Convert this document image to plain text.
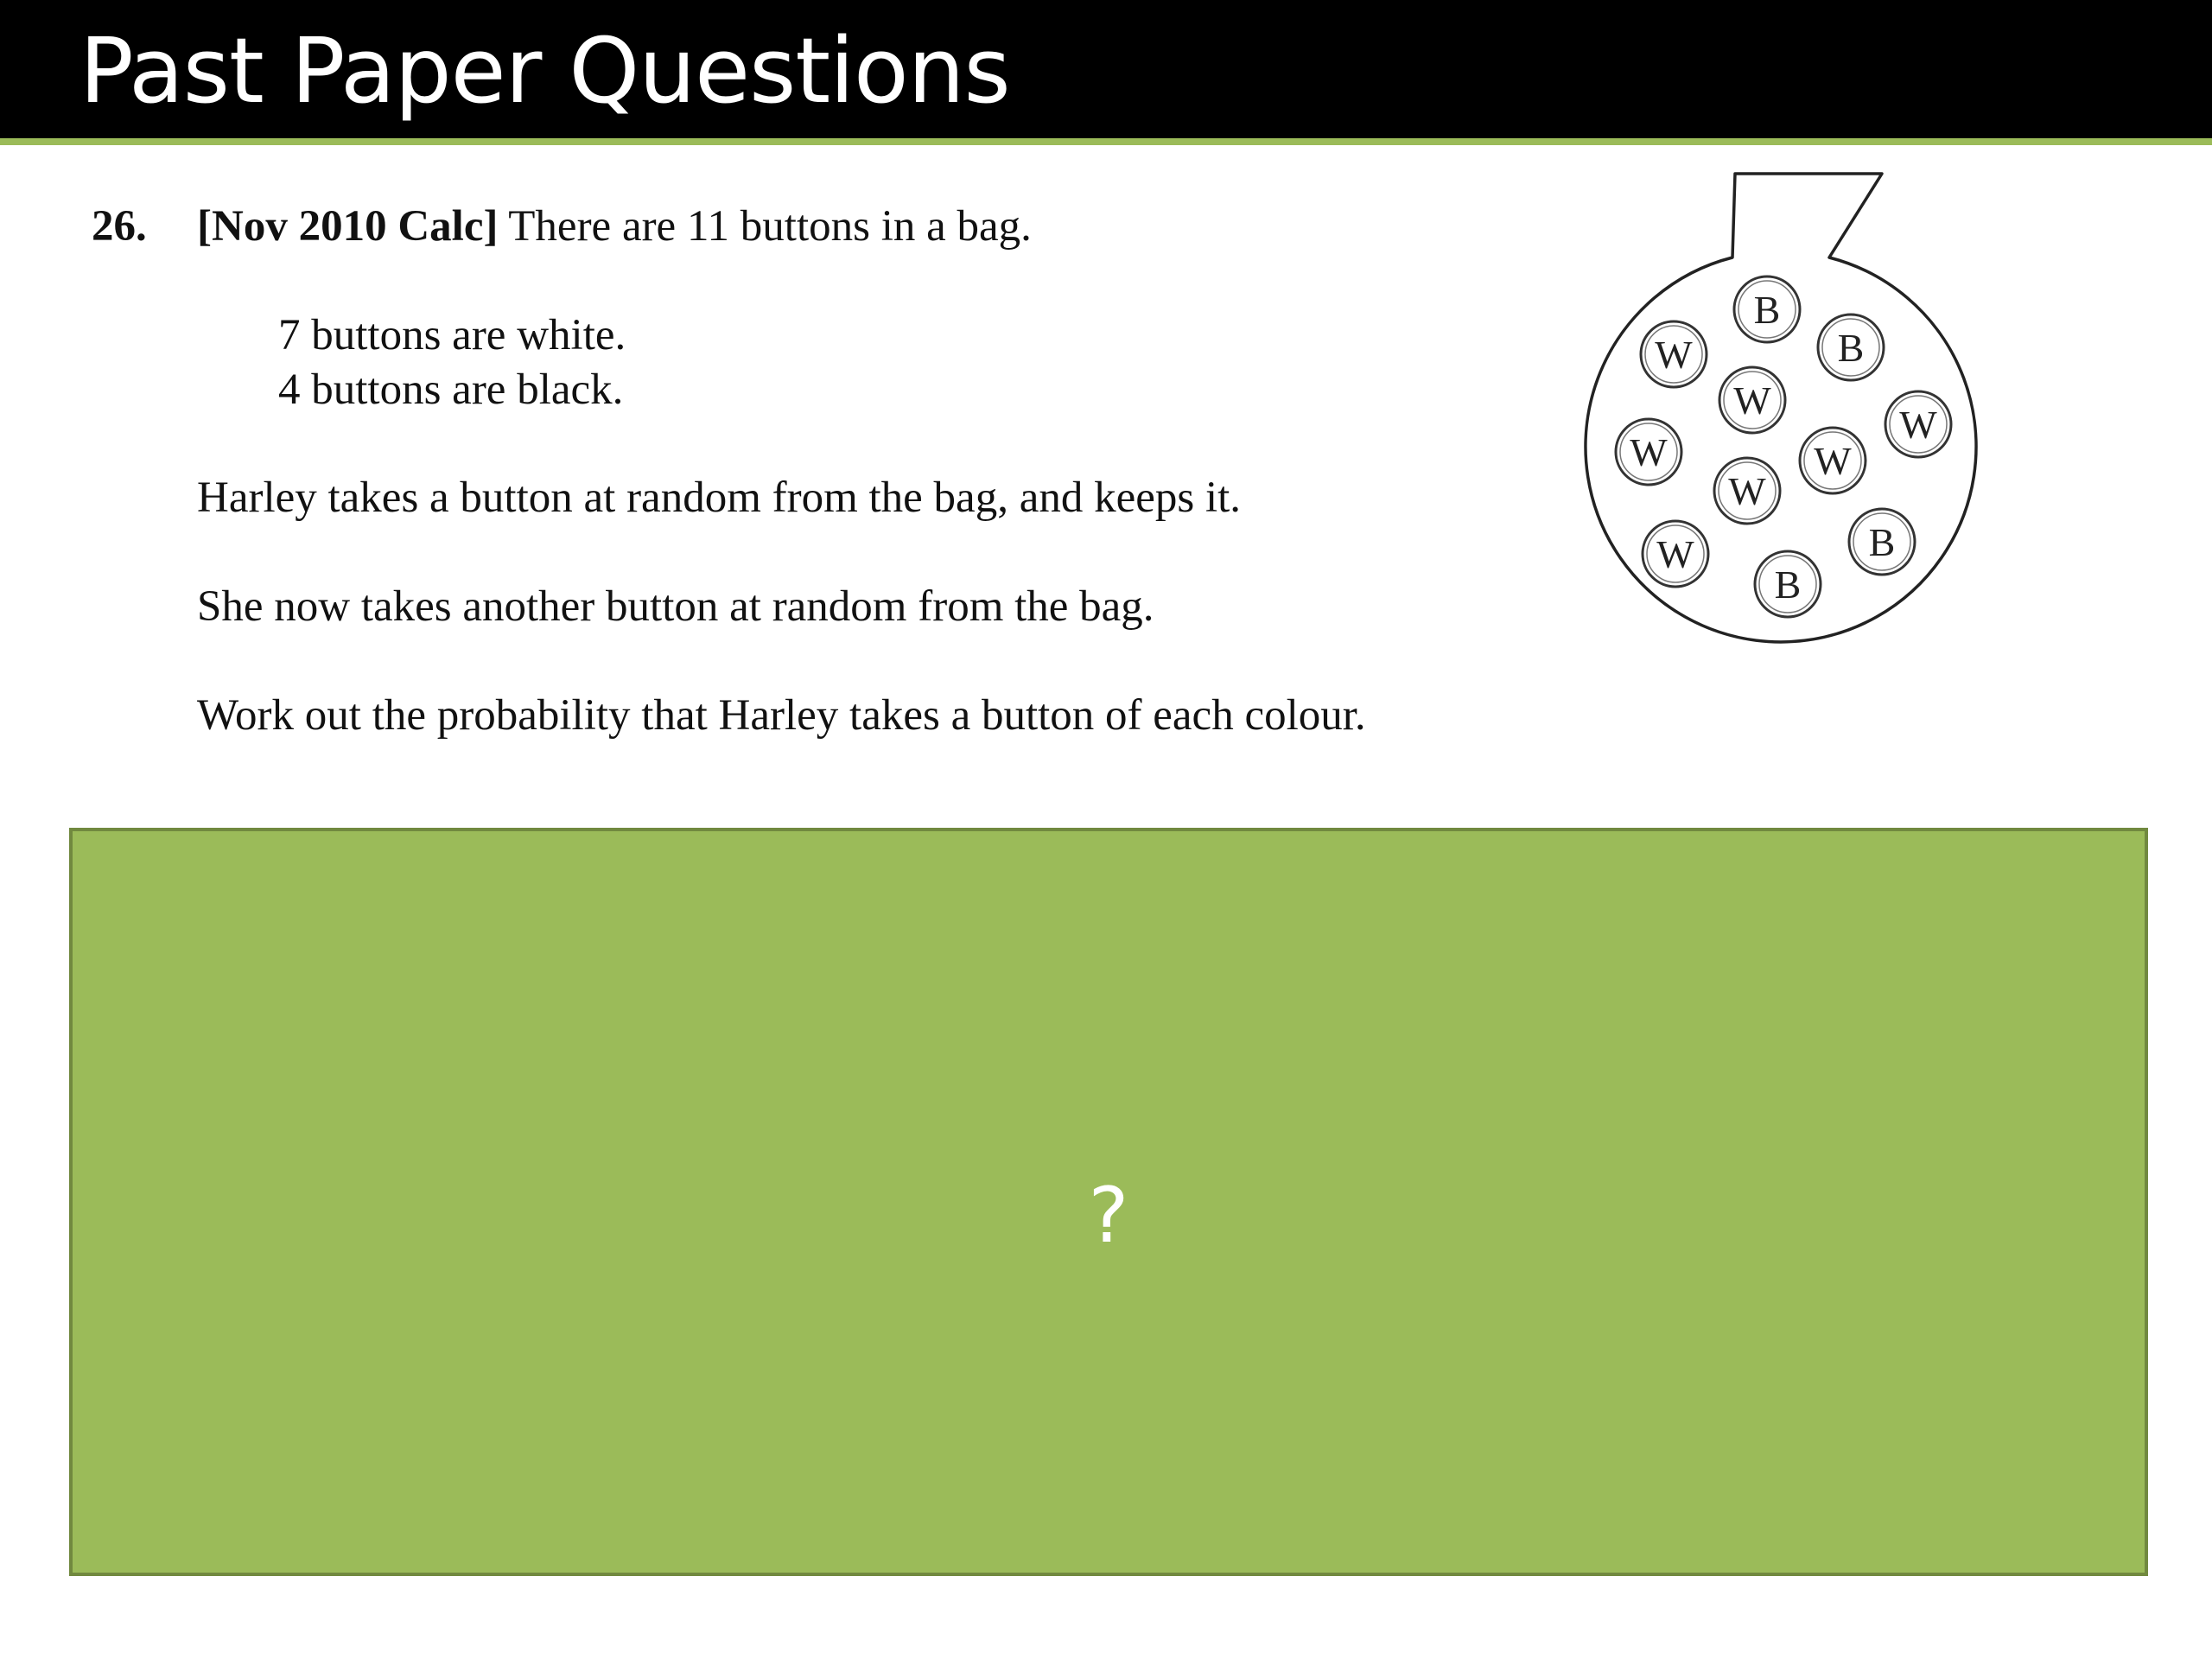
Past Paper Questions
26. [Nov 2010 Calc] There are 11 buttons in a bag.
7 buttons are white.
4 buttons are black.
Harley takes a button at random from the bag, and keeps it.
She now takes another button at random from the bag.
Work out the probability that Harley takes a button of each colour.
B
B
W
W
W
W	W
W
W	B
B
?
